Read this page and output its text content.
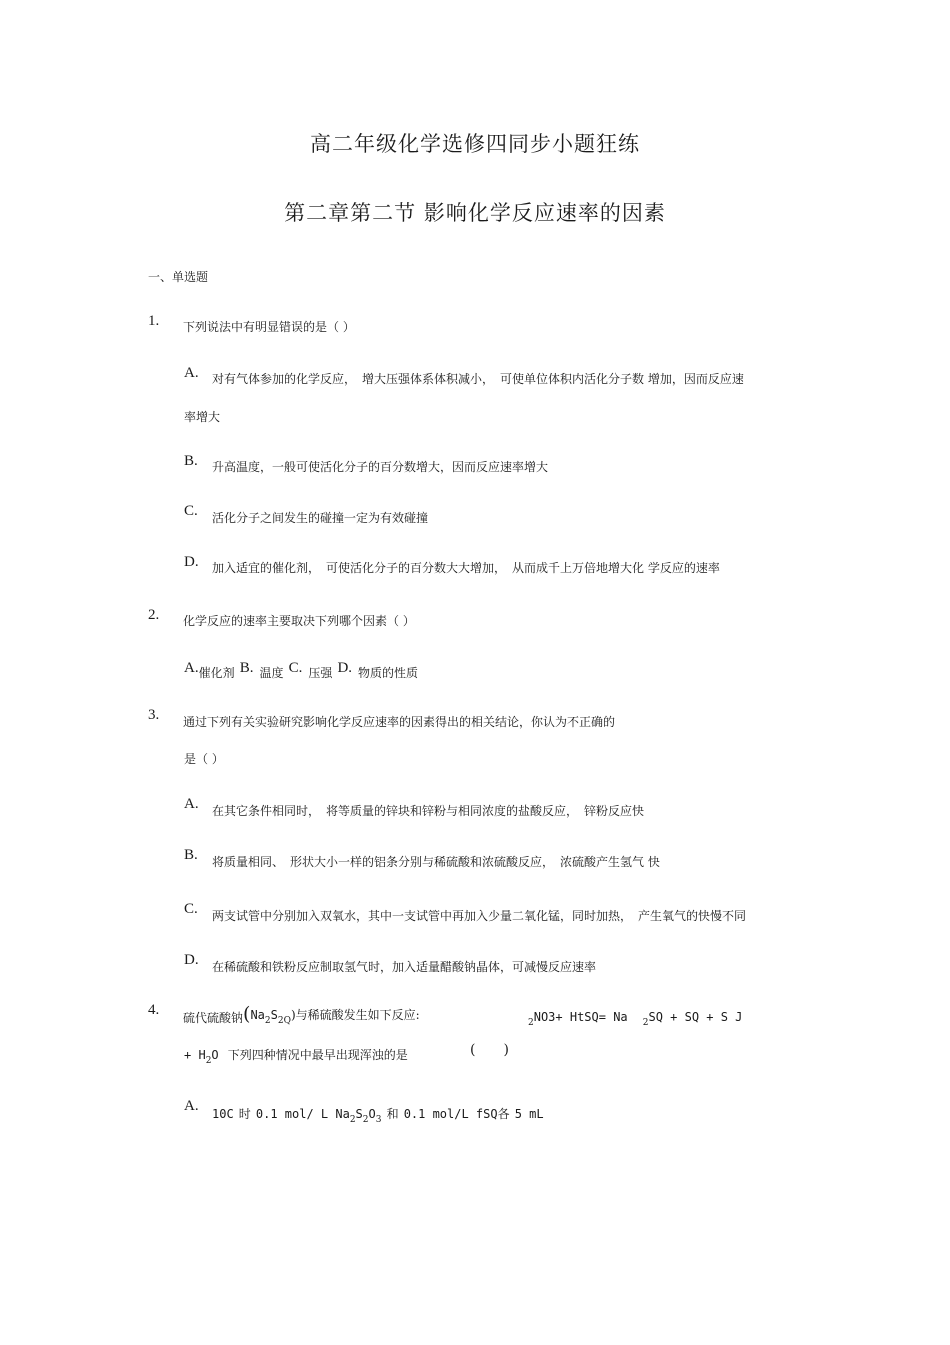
高二年级化学选修四同步小题狂练
第二章第二节 影响化学反应速率的因素
一、单选题
1. 下列说法中有明显错误的是（ ）
A. 对有气体参加的化学反应，　增大压强体系体积减小，　可使单位体积内活化分子数 增加，因而反应速
率增大
B. 升高温度，一般可使活化分子的百分数增大，因而反应速率增大
C. 活化分子之间发生的碰撞一定为有效碰撞
D. 加入适宜的催化剂，　可使活化分子的百分数大大增加，　从而成千上万倍地增大化 学反应的速率
2. 化学反应的速率主要取决下列哪个因素（ ）
$A._{催化剂}$ B. $_{温度}$ C. $_{压强}$ D. $_{物质的性质}$
3. 通过下列有关实验研究影响化学反应速率的因素得出的相关结论，你认为不正确的
是（ ）
A. 在其它条件相同时，　将等质量的锌块和锌粉与相同浓度的盐酸反应，　锌粉反应快
B. 将质量相同、　形状大小一样的铝条分别与稀硫酸和浓硫酸反应，　浓硫酸产生氢气 快
C. 两支试管中分别加入双氧水，其中一支试管中再加入少量二氧化锰，同时加热，　产生氧气的快慢不同
D. 在稀硫酸和铁粉反应制取氢气时，加入适量醋酸钠晶体，可减慢反应速率
4. 硫代硫酸钠$(Na_2S_{2Q})$与稀硫酸发生如下反应:
$_2$NO3+ HtSQ= Na $_2$SQ + SQ + S J
+ $H_2O$ 下列四种情况中最早出现浑浊的是	(　　)
A. 10C 时 0.1 mol/ L $Na_2S_2O_3$ 和 0.1 mol/L fSQ各 5 mL
